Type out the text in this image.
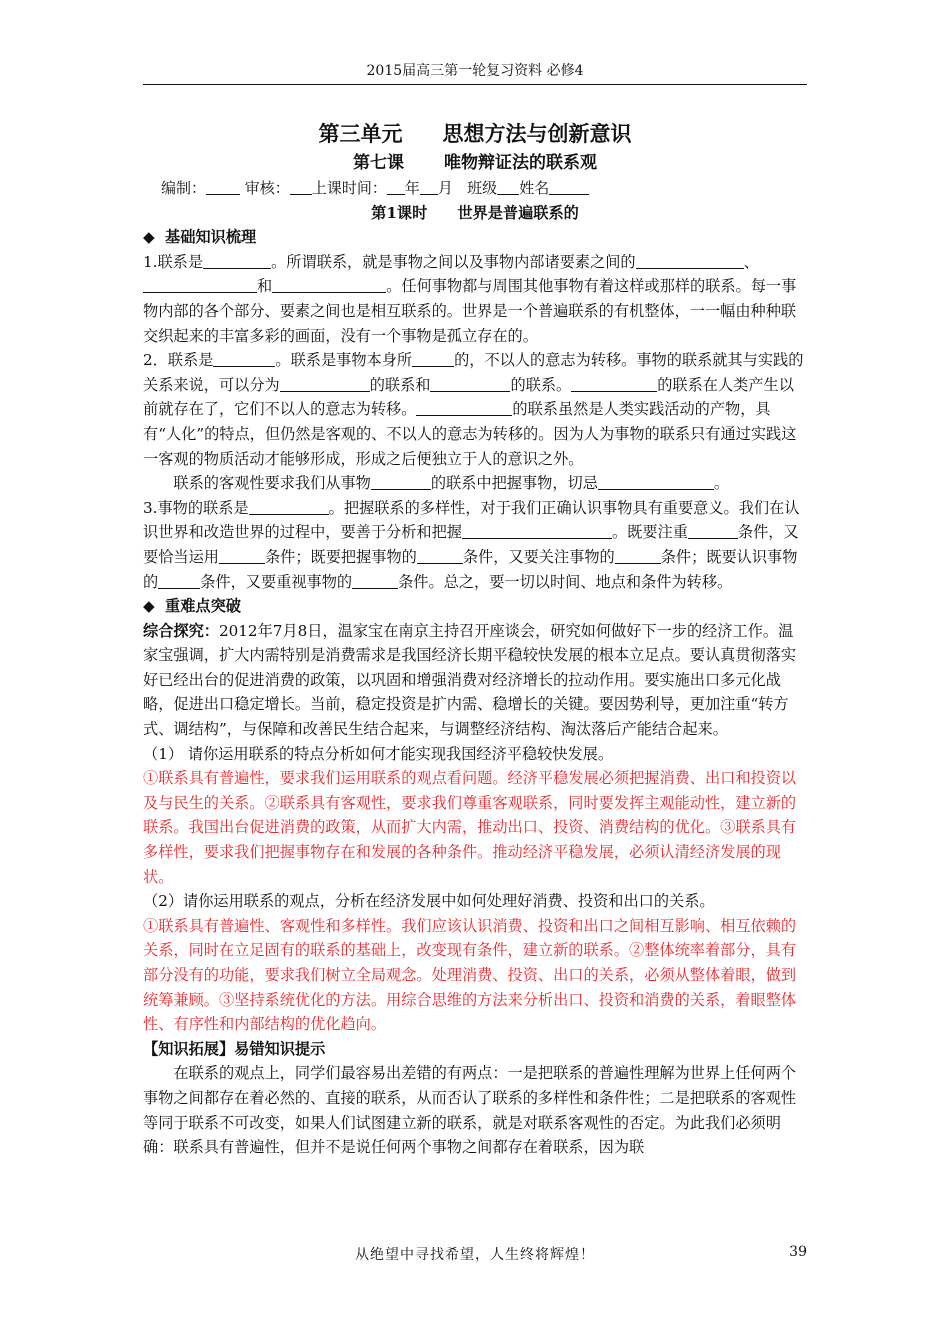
2015届高三第一轮复习资料 必修4

第三单元 思想方法与创新意识

第七课 唯物辩证法的联系观

编制：	审核： 上课时间： 年 月 班级 姓名

第1课时 世界是普遍联系的

◆ 基础知识梳理

1.联系是	。所谓联系，就是事物之间以及事物内部诸要素之间的	、和	。任何事物都与周围其他事物有着这样或那样的联系。每一事物内部的各个部分、要素之间也是相互联系的。世界是一个普遍联系的有机整体，一一幅由种种联交织起来的丰富多彩的画面，没有一个事物是孤立存在的。

2．联系是	。联系是事物本身所	的，不以人的意志为转移。事物的联系就其与实践的关系来说，可以分为	的联系和	的联系。	的联系在人类产生以前就存在了，它们不以人的意志为转移。	的联系虽然是人类实践活动的产物，具有“人化”的特点，但仍然是客观的、不以人的意志为转移的。因为人为事物的联系只有通过实践这一客观的物质活动才能够形成，形成之后便独立于人的意识之外。

联系的客观性要求我们从事物	的联系中把握事物，切忌	。

3.事物的联系是	。把握联系的多样性，对于我们正确认识事物具有重要意义。我们在认识世界和改造世界的过程中，要善于分析和把握	。既要注重	条件，又要恰当运用	条件；既要把握事物的	条件，又要关注事物的	条件；既要认识事物的	条件，又要重视事物的	条件。总之，要一切以时间、地点和条件为转移。

◆ 重难点突破

综合探究：2012年7月8日，温家宝在南京主持召开座谈会，研究如何做好下一步的经济工作。温家宝强调，扩大内需特别是消费需求是我国经济长期平稳较快发展的根本立足点。要认真贯彻落实好已经出台的促进消费的政策，以巩固和增强消费对经济增长的拉动作用。要实施出口多元化战略，促进出口稳定增长。当前，稳定投资是扩内需、稳增长的关键。要因势利导，更加注重“转方式、调结构”，与保障和改善民生结合起来，与调整经济结构、淘汰落后产能结合起来。

（1） 请你运用联系的特点分析如何才能实现我国经济平稳较快发展。

①联系具有普遍性，要求我们运用联系的观点看问题。经济平稳发展必须把握消费、出口和投资以及与民生的关系。②联系具有客观性，要求我们尊重客观联系，同时要发挥主观能动性，建立新的联系。我国出台促进消费的政策，从而扩大内需，推动出口、投资、消费结构的优化。③联系具有多样性，要求我们把握事物存在和发展的各种条件。推动经济平稳发展，必须认清经济发展的现状。

（2）请你运用联系的观点，分析在经济发展中如何处理好消费、投资和出口的关系。

①联系具有普遍性、客观性和多样性。我们应该认识消费、投资和出口之间相互影响、相互依赖的关系，同时在立足固有的联系的基础上，改变现有条件，建立新的联系。②整体统率着部分，具有部分没有的功能，要求我们树立全局观念。处理消费、投资、出口的关系，必须从整体着眼，做到统筹兼顾。③坚持系统优化的方法。用综合思维的方法来分析出口、投资和消费的关系，着眼整体性、有序性和内部结构的优化趋向。

【知识拓展】易错知识提示

在联系的观点上，同学们最容易出差错的有两点：一是把联系的普遍性理解为世界上任何两个事物之间都存在着必然的、直接的联系，从而否认了联系的多样性和条件性；二是把联系的客观性等同于联系不可改变，如果人们试图建立新的联系，就是对联系客观性的否定。为此我们必须明确：联系具有普遍性，但并不是说任何两个事物之间都存在着联系，因为联

从绝望中寻找希望，人生终将辉煌！	39
